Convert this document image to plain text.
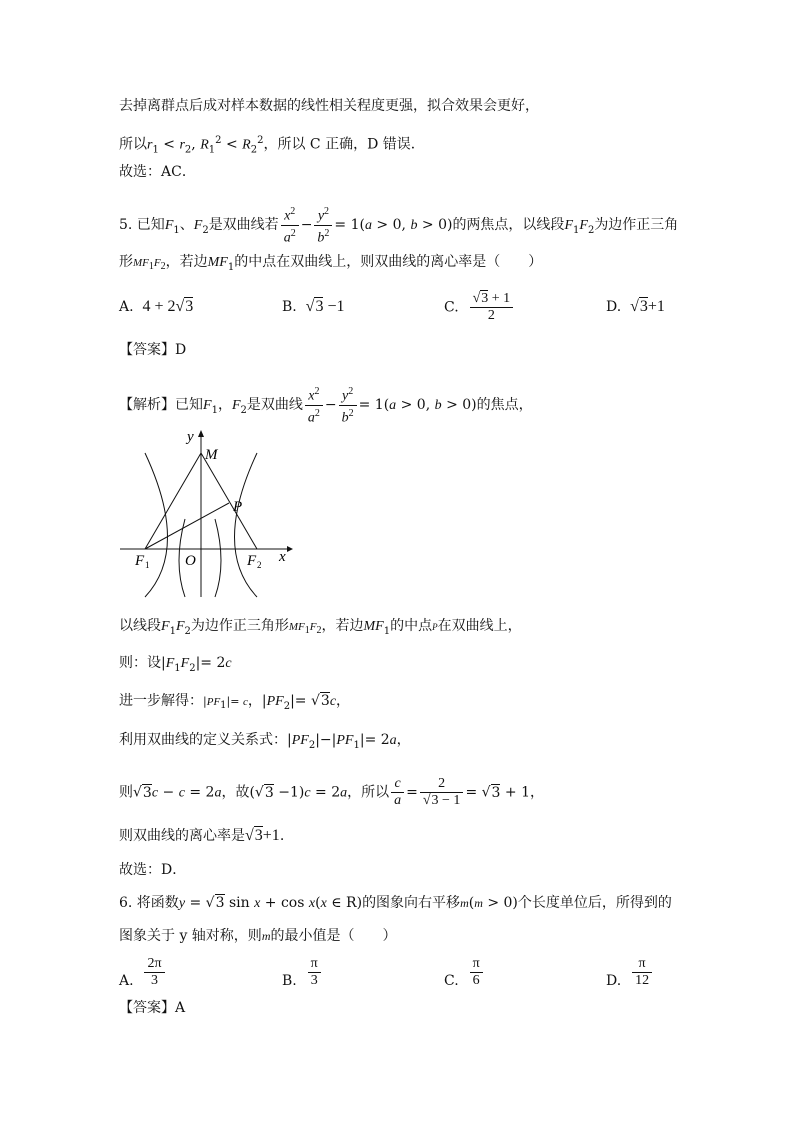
去掉离群点后成对样本数据的线性相关程度更强，拟合效果会更好，
所以$r_1 < r_2$, $R_1^2 < R_2^2$，所以 C 正确，D 错误．
故选：AC．
5. 已知$F_1$、$F_2$是双曲线若 $\frac{x^2}{a^2} - \frac{y^2}{b^2} = 1(a > 0$, b > 0)的两焦点，以线段$F_1F_2$为边作正三角
形$MF_1F_2$，若边$MF_1$的中点在双曲线上，则双曲线的离心率是（　　）
A. 4 + 2√3	B. √3 −1	C. $\frac{√3 + 1}{2}$	D. √3+1
【答案】D
【解析】已知$F_1$，$F_2$是双曲线 $\frac{x^2}{a^2} - \frac{y^2}{b^2} = 1(a > 0$, b > 0)的焦点，
M
P
O
F 1	F 2 x
y
以线段$F_1F_2$为边作正三角形$MF_1F_2$，若边$MF_1$的中点P在双曲线上，
则：设$|F_1F_2|= 2c$
进一步解得：$|PF_1|= c$，$|PF_2|= √3c$，
利用双曲线的定义关系式：$|PF_2|-|PF_1|= 2a$，
则√3c − c = 2a，故(√3 −1)c = 2a，所以 $\frac{c}{a} = \frac{2}{√3 - 1} = √3 + 1$，
则双曲线的离心率是√3+1.
故选：D．
6. 将函数y = √3 sin x + cos x(x ∈ R)的图象向右平移m(m > 0)个长度单位后，所得到的
图象关于 y 轴对称，则m的最小值是（　　）
A. $\frac{2\pi}{3}$	B. $\frac{\pi}{3}$	C. $\frac{\pi}{6}$	D. $\frac{\pi}{12}$
【答案】A
